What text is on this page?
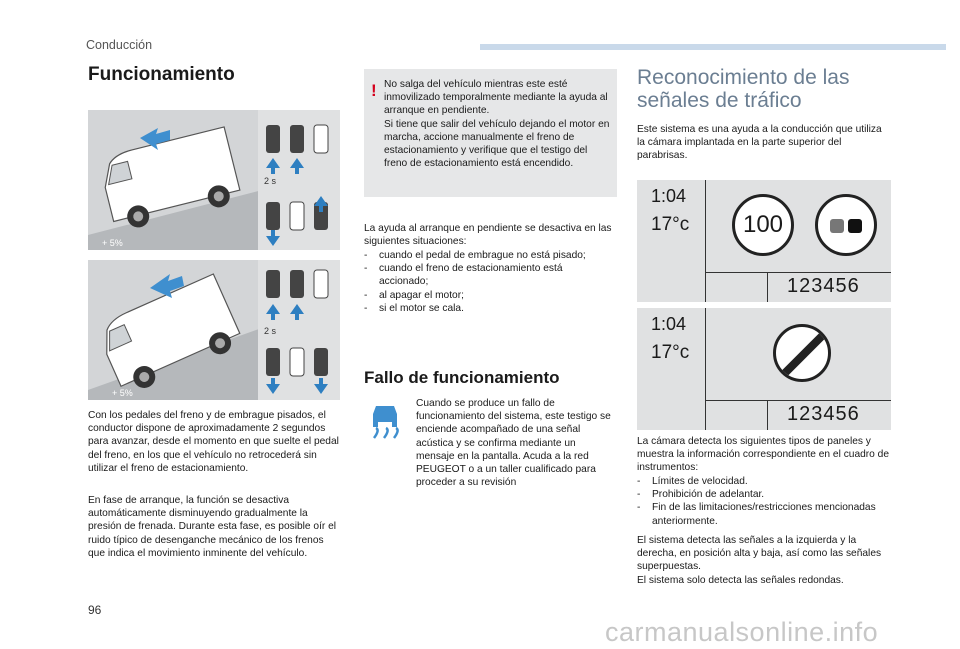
Conducción
Funcionamiento
+ 5%
2 s
+ 5%
2 s
Con los pedales del freno y de embrague pisados, el conductor dispone de aproximadamente 2 segundos para avanzar, desde el momento en que suelte el pedal del freno, en los que el vehículo no retrocederá sin utilizar el freno de estacionamiento.
En fase de arranque, la función se desactiva automáticamente disminuyendo gradualmente la presión de frenada. Durante esta fase, es posible oír el ruido típico de desenganche mecánico de los frenos que indica el movimiento inminente del vehículo.
! No salga del vehículo mientras este esté inmovilizado temporalmente mediante la ayuda al arranque en pendiente.
Si tiene que salir del vehículo dejando el motor en marcha, accione manualmente el freno de estacionamiento y verifique que el testigo del freno de estacionamiento está encendido.
La ayuda al arranque en pendiente se desactiva en las siguientes situaciones:
- cuando el pedal de embrague no está pisado;
- cuando el freno de estacionamiento está accionado;
- al apagar el motor;
- si el motor se cala.
Fallo de funcionamiento
Cuando se produce un fallo de funcionamiento del sistema, este testigo se enciende acompañado de una señal acústica y se confirma mediante un mensaje en la pantalla. Acuda a la red PEUGEOT o a un taller cualificado para proceder a su revisión
Reconocimiento de las señales de tráfico
Este sistema es una ayuda a la conducción que utiliza la cámara implantada en la parte superior del parabrisas.
1:04
17°c	100
123456
1:04
17°c
123456
La cámara detecta los siguientes tipos de paneles y muestra la información correspondiente en el cuadro de instrumentos:
- Límites de velocidad.
- Prohibición de adelantar.
- Fin de las limitaciones/restricciones mencionadas anteriormente.
El sistema detecta las señales a la izquierda y la derecha, en posición alta y baja, así como las señales superpuestas.
El sistema solo detecta las señales redondas.
96
carmanualsonline.info
